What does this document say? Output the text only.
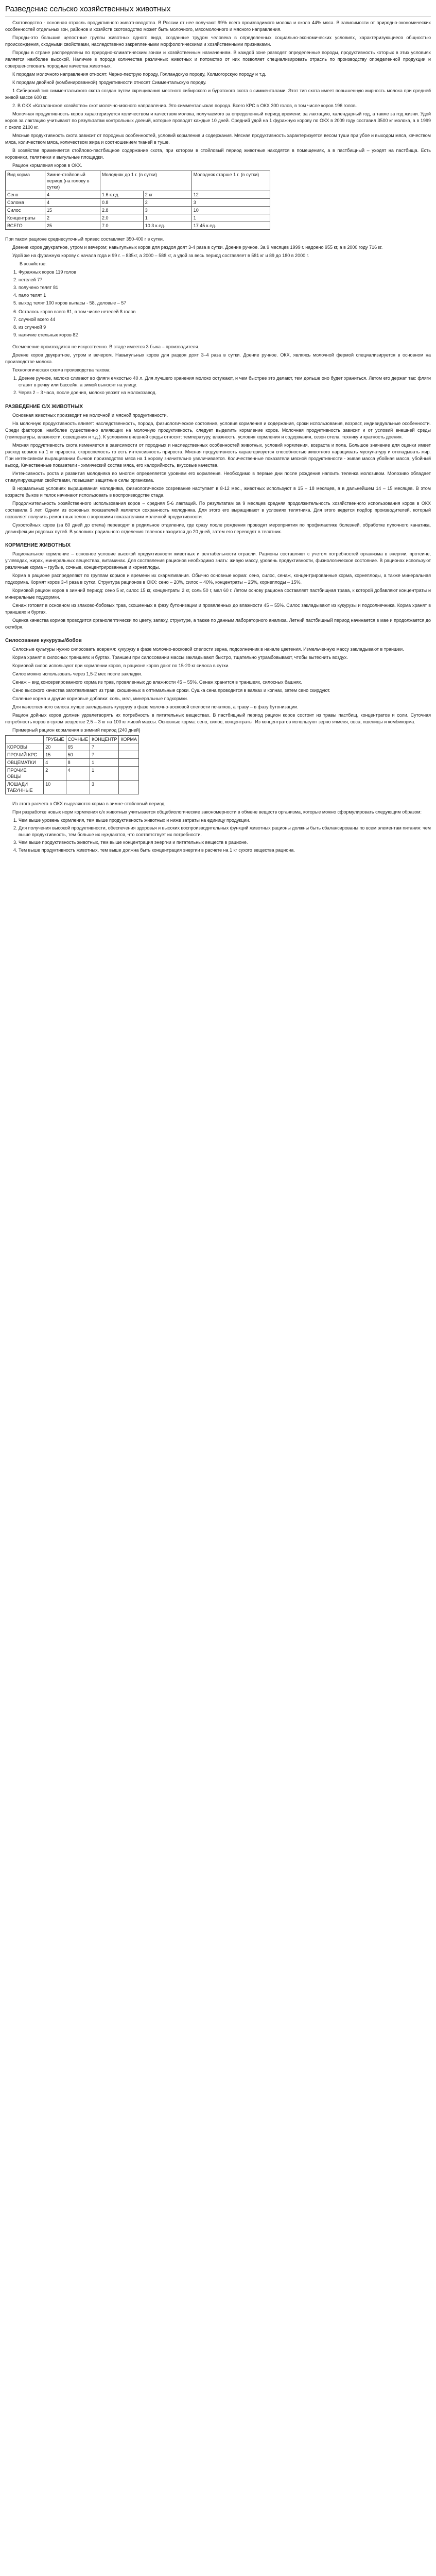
Разведение сельско хозяйственных животных

Скотоводство - основная отрасль продуктивного животноводства. В России от нее получают 99% всего производимого молока и около 44% мяса. В зависимости от природно-экономических особенностей отдельных зон, районов и хозяйств скотоводство может быть молочного, мясомолочного и мясного направления.

Породы-это большие целостные группы животных одного вида, созданные трудом человека в определенных социально-экономических условиях, характеризующиеся общностью происхождения, сходными свойствами, наследственно закрепленными морфологическими и хозяйственными признаками.

Породы в стране распределены по природно-климатическим зонам и хозяйственным назначениям. В каждой зоне разводят определенные породы, продуктивность которых в этих условиях является наиболее высокой. Наличие в породе количества различных животных и потомство от них позволяет специализировать отрасль по производству определенной продукции и совершенствовать породные качества животных.

К породам молочного направления относят: Черно-пеструю породу, Голландскую породу, Холмогорскую породу и т.д.

К породам двойной (комбинированной) продуктивности относят Симментальскую породу.

1 Сибирский тип симментальского скота создан путем скрещивания местного сибирского и бурятского скота с симменталами. Этот тип скота имеет повышенную жирность молока при средней живой массе 600 кг.

2. В ОКХ «Каталанское хозяйство» скот молочно-мясного направления. Это симментальская порода. Всего КРС в ОКХ 300 голов, в том числе коров 196 голов.

Молочная продуктивность коров характеризуется количеством и качеством молока, получаемого за определенный период времени; за лактацию, календарный год, а также за год жизни. Удой коров за лактацию учитывают по результатам контрольных доений, которые проводят каждые 10 дней. Средний удой на 1 фуражную корову по ОКХ в 2009 году составил 3500 кг молока, а в 1999 г. около 2100 кг.

Мясные продуктивность скота зависит от породных особенностей, условий кормления и содержания. Мясная продуктивность характеризуется весом туши при убое и выходом мяса, качеством мяса, количеством мяса, количеством жира и соотношением тканей в туше.

В хозяйстве применяется стойлово-пастбищное содержание скота, при котором в стойловый период животные находятся в помещениях, а в пастбищный – уходят на пастбища. Есть коровники, телятники и выгульные площадки.

Рацион кормления коров в ОКХ.

Вид корма	Зимне-стойловый период (на голову в сутки)	Молодняк до 1 г. (в сутки)		Молодняк старше 1 г. (в сутки)
Сено	4	1.6 к.ед.	2 кг	12
Солома	4	0.8	2	3
Силос	15	2.8	3	10
Концентраты	2	2.0	1	1
ВСЕГО	25	7.0	10 3 к.ед.	17 45 к.ед.

При таком рационе среднесуточный привес составляет 350-400 г в сутки.

Доение коров двукратное, утром и вечером; навыгульных коров для раздоя доят 3-4 раза в сутки. Доение ручное. За 9 месяцев 1999 г. надоено 955 кг, а в 2000 году 716 кг.

Удой же на фуражную корову с начала года и 99 г. – 835кг, а 2000 – 588 кг, а удой за весь период составляет в 581 кг и 89 до 180 в 2000 г.

В хозяйстве:

1. Фуражных коров 119 голов
2. нетелей 77
3. получено телят 81
4. пало телят 1
5. выход телят 100 коров выпасы - 58, деловые – 57
6. Осталось коров всего 81, в том числе нетелей 8 голов
7. случной всего 44
8. из случной 9
9. наличие стельных коров 82

Осеменение производится не искусственно. В стаде имеется 3 быка – производителя.

Доение коров двукратное, утром и вечером. Навыгульных коров для раздоя доят 3–4 раза в сутки. Доение ручное. ОКХ, являясь молочной фермой специализируется в основном на производстве молока.

Технологическая схема производства такова:

1. Доение ручное, молоко сливают во фляги емкостью 40 л. Для лучшего хранения молоко остужают, и чем быстрее это делают, тем дольше оно будет храниться. Летом его держат так: фляги ставят в речку или бассейн, а зимой выносят на улицу.
2. Через 2 – 3 часа, после доения, молоко увозят на молокозавод.
РАЗВЕДЕНИЕ С/Х ЖИВОТНЫХ

Основная животных производит не молочной и мясной продуктивности.

На молочную продуктивность влияет: наследственность, порода, физиологическое состояние, условия кормления и содержания, сроки использования, возраст, индивидуальные особенности. Среди факторов, наиболее существенно влияющих на молочную продуктивность, следует выделить кормление коров. Молочная продуктивность зависит и от условий внешней среды (температуры, влажности, освещения и т.д.). К условиям внешней среды относят: температуру, влажность, условия кормления и содержания, сезон отела, технику и кратность доения.

Мясная продуктивность скота изменяется в зависимости от породных и наследственных особенностей животных, условий кормления, возраста и пола. Большое значение для оценки имеет расход кормов на 1 кг прироста, скороспелость то есть интенсивность прироста. Мясная продуктивность характеризуется способностью животного наращивать мускулатуру и откладывать жир. При интенсивном выращивании бычков производство мяса на 1 корову значительно увеличивается. Количественные показатели мясной продуктивности - живая масса убойная масса, убойный выход. Качественные показатели - химический состав мяса, его калорийность, вкусовые качества.

Интенсивность роста и развития молодняка во многом определяется уровнем его кормления. Необходимо в первые дни после рождения напоить теленка молозивом. Молозиво обладает стимулирующими свойствами, повышает защитные силы организма.

В нормальных условиях выращивания молодняка, физиологическое созревание наступает в 8-12 мес., животных используют в 15 – 18 месяцев, а в дальнейшем 14 – 15 месяцев. В этом возрасте быков и телок начинают использовать в воспроизводстве стада.

Продолжительность хозяйственного использования коров – средняя 5-6 лактаций. По результатам за 9 месяцев средняя продолжительность хозяйственного использования коров в ОКХ составила 6 лет. Одним из основных показателей является сохранность молодняка. Для этого его выращивают в условиях телятника. Для этого ведется подбор производителей, который позволяет получить ремонтных телок с хорошими показателями молочной продуктивности.

Сухостойных коров (за 60 дней до отела) переводят в родильное отделение, где сразу после рождения проводят мероприятия по профилактике болезней, обработке пупочного канатика, дезинфекции родовых путей. В условиях родильного отделения теленок находится до 20 дней, затем его переводят в телятник.

КОРМЛЕНИЕ ЖИВОТНЫХ

Рациональное кормление – основное условие высокой продуктивности животных и рентабельности отрасли. Рационы составляют с учетом потребностей организма в энергии, протеине, углеводах, жирах, минеральных веществах, витаминах. Для составления рационов необходимо знать: живую массу, уровень продуктивности, физиологическое состояние. В рационах используют различные корма – грубые, сочные, концентрированные и корнеплоды.

Корма в рационе распределяют по группам кормов и времени их скармливания. Обычно основные корма: сено, силос, сенаж, концентрированные корма, корнеплоды, а также минеральная подкормка. Кормят коров 3-4 раза в сутки. Структура рационов в ОКХ: сено – 20%, силос – 40%, концентраты – 25%, корнеплоды – 15%.

Кормовой рацион коров в зимний период: сено 5 кг, силос 15 кг, концентраты 2 кг, соль 50 г, мел 60 г. Летом основу рациона составляет пастбищная трава, к которой добавляют концентраты и минеральные подкормки.

Сенаж готовят в основном из злаково-бобовых трав, скошенных в фазу бутонизации и провяленных до влажности 45 – 55%. Силос закладывают из кукурузы и подсолнечника. Корма хранят в траншеях и буртах.

Оценка качества кормов проводится органолептически по цвету, запаху, структуре, а также по данным лабораторного анализа. Летний пастбищный период начинается в мае и продолжается до октября.

Силосование кукурузы/бобов

Силосные культуры нужно силосовать вовремя: кукурузу в фазе молочно-восковой спелости зерна, подсолнечник в начале цветения. Измельченную массу закладывают в траншеи.

Корма хранят в силосных траншеях и буртах. Траншеи при силосовании массы закладывают быстро, тщательно утрамбовывают, чтобы вытеснить воздух.

Кормовой силос используют при кормлении коров, в рационе коров дают по 15-20 кг силоса в сутки.

Силос можно использовать через 1,5-2 мес после закладки.

Сенаж – вид консервированного корма из трав, провяленных до влажности 45 – 55%. Сенаж хранится в траншеях, силосных башнях.

Сено высокого качества заготавливают из трав, скошенных в оптимальные сроки. Сушка сена проводится в валках и копнах, затем сено скирдуют.

Соленые корма и другие кормовые добавки: соль, мел, минеральные подкормки.

Для качественного силоса лучше закладывать кукурузу в фазе молочно-восковой спелости початков, а траву – в фазу бутонизации.

Рацион дойных коров должен удовлетворять их потребность в питательных веществах. В пастбищный период рацион коров состоит из травы пастбищ, концентратов и соли. Суточная потребность коров в сухом веществе 2,5 – 3 кг на 100 кг живой массы. Основные корма: сено, силос, концентраты. Из концентратов используют зерно ячменя, овса, пшеницы и комбикорма.

Примерный рацион кормления в зимний период (240 дней)

	ГРУБЫЕ	СОЧНЫЕ	КОНЦЕНТР	КОРМА
КОРОВЫ	20	65	7	
ПРОЧИЙ КРС	15	50	7	
ОВЦЕМАТКИ	4	8	1	
ПРОЧИЕ ОВЦЫ	2	4	1	
ЛОШАДИ ТАБУННЫЕ	10		3	

Из этого расчета в ОКХ выделяются корма в зимне-стойловый период.

При разработке новых норм кормления с/х животных учитывается общебиологические закономерности в обмене веществ организма, которые можно сформулировать следующим образом:

1. Чем выше уровень кормления, тем выше продуктивность животных и ниже затраты на единицу продукции.
2. Для получения высокой продуктивности, обеспечения здоровья и высоких воспроизводительных функций животных рационы должны быть сбалансированы по всем элементам питания: чем выше продуктивность, тем больше их нуждаются, что соответствует их потребности.
3. Чем выше продуктивность животных, тем выше концентрация энергии и питательных веществ в рационе.
4. Тем выше продуктивность животных, тем выше должна быть концентрация энергии в расчете на 1 кг сухого вещества рациона.
